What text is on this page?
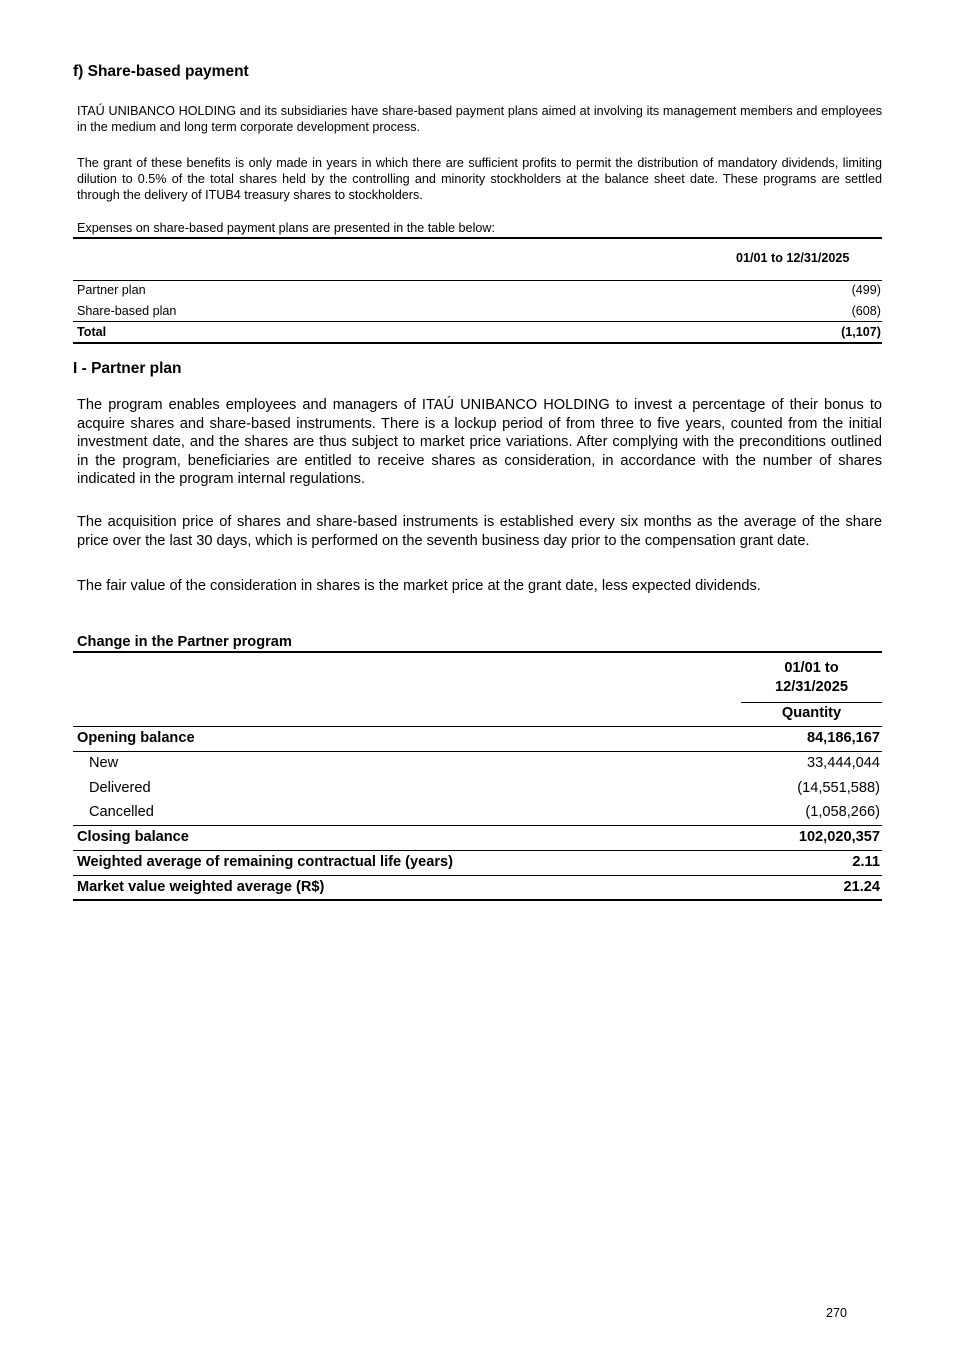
f) Share-based payment
ITAÚ UNIBANCO HOLDING and its subsidiaries have share-based payment plans aimed at involving its management members and employees in the medium and long term corporate development process.
The grant of these benefits is only made in years in which there are sufficient profits to permit the distribution of mandatory dividends, limiting dilution to 0.5% of the total shares held by the controlling and minority stockholders at the balance sheet date. These programs are settled through the delivery of ITUB4 treasury shares to stockholders.
Expenses on share-based payment plans are presented in the table below:
01/01 to 12/31/2025
Partner plan	(499)
Share-based plan	(608)
Total	(1,107)
I - Partner plan
The program enables employees and managers of ITAÚ UNIBANCO HOLDING to invest a percentage of their bonus to acquire shares and share-based instruments. There is a lockup period of from three to five years, counted from the initial investment date, and the shares are thus subject to market price variations. After complying with the preconditions outlined in the program, beneficiaries are entitled to receive shares as consideration, in accordance with the number of shares indicated in the program internal regulations.
The acquisition price of shares and share-based instruments is established every six months as the average of the share price over the last 30 days, which is performed on the seventh business day prior to the compensation grant date.
The fair value of the consideration in shares is the market price at the grant date, less expected dividends.
Change in the Partner program
01/01 to
12/31/2025
Quantity
Opening balance	84,186,167
New	33,444,044
Delivered	(14,551,588)
Cancelled	(1,058,266)
Closing balance	102,020,357
Weighted average of remaining contractual life (years)	2.11
Market value weighted average (R$)	21.24
270
